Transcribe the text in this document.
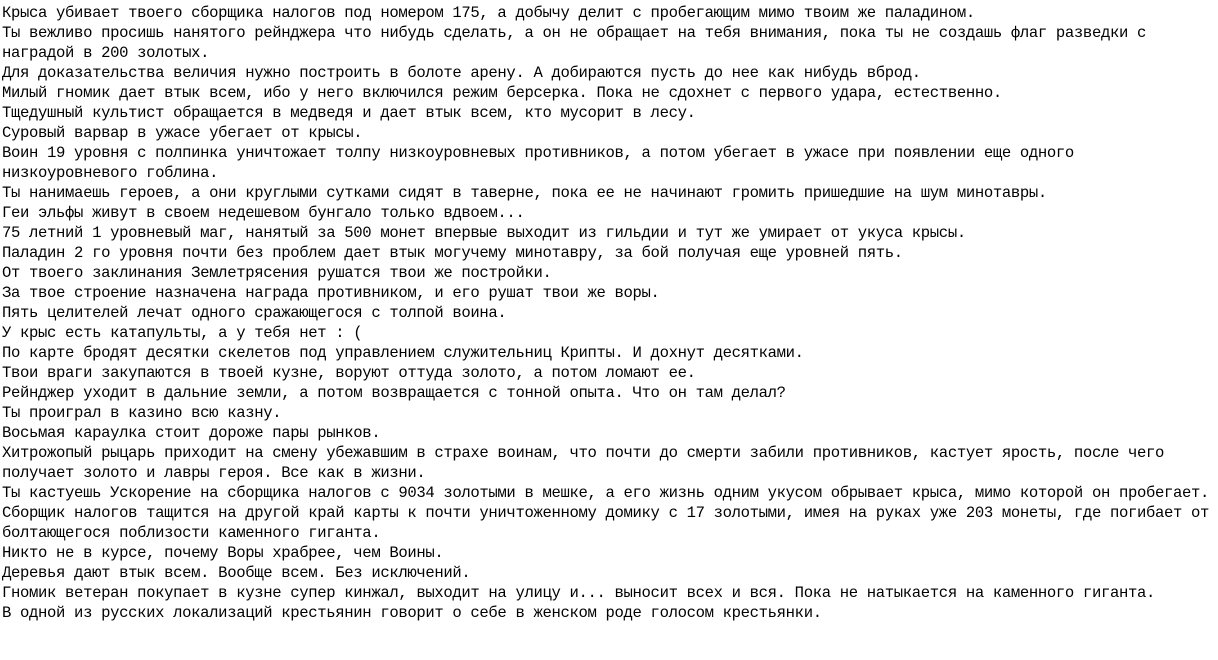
Крыса убивает твоего сборщика налогов под номером 175, а добычу делит с пробегающим мимо твоим же паладином.

Ты вежливо просишь нанятого рейнджера что нибудь сделать, а он не обращает на тебя внимания, пока ты не создашь флаг разведки с наградой в 200 золотых.

Для доказательства величия нужно построить в болоте арену. А добираются пусть до нее как нибудь вброд.

Милый гномик дает втык всем, ибо у него включился режим берсерка. Пока не сдохнет с первого удара, естественно.

Тщедушный культист обращается в медведя и дает втык всем, кто мусорит в лесу.

Суровый варвар в ужасе убегает от крысы.

Воин 19 уровня с полпинка уничтожает толпу низкоуровневых противников, а потом убегает в ужасе при появлении еще одного низкоуровневого гоблина.

Ты нанимаешь героев, а они круглыми сутками сидят в таверне, пока ее не начинают громить пришедшие на шум минотавры.

Геи эльфы живут в своем недешевом бунгало только вдвоем...

75 летний 1 уровневый маг, нанятый за 500 монет впервые выходит из гильдии и тут же умирает от укуса крысы.

Паладин 2 го уровня почти без проблем дает втык могучему минотавру, за бой получая еще уровней пять.

От твоего заклинания Землетрясения рушатся твои же постройки.

За твое строение назначена награда противником, и его рушат твои же воры.

Пять целителей лечат одного сражающегося с толпой воина.

У крыс есть катапульты, а у тебя нет : (

По карте бродят десятки скелетов под управлением служительниц Крипты. И дохнут десятками.

Твои враги закупаются в твоей кузне, воруют оттуда золото, а потом ломают ее.

Рейнджер уходит в дальние земли, а потом возвращается с тонной опыта. Что он там делал?

Ты проиграл в казино всю казну.

Восьмая караулка стоит дороже пары рынков.

Хитрожопый рыцарь приходит на смену убежавшим в страхе воинам, что почти до смерти забили противников, кастует ярость, после чего получает золото и лавры героя. Все как в жизни.

Ты кастуешь Ускорение на сборщика налогов с 9034 золотыми в мешке, а его жизнь одним укусом обрывает крыса, мимо которой он пробегает.

Сборщик налогов тащится на другой край карты к почти уничтоженному домику с 17 золотыми, имея на руках уже 203 монеты, где погибает от болтающегося поблизости каменного гиганта.

Никто не в курсе, почему Воры храбрее, чем Воины.

Деревья дают втык всем. Вообще всем. Без исключений.

Гномик ветеран покупает в кузне супер кинжал, выходит на улицу и... выносит всех и вся. Пока не натыкается на каменного гиганта.

В одной из русских локализаций крестьянин говорит о себе в женском роде голосом крестьянки.
